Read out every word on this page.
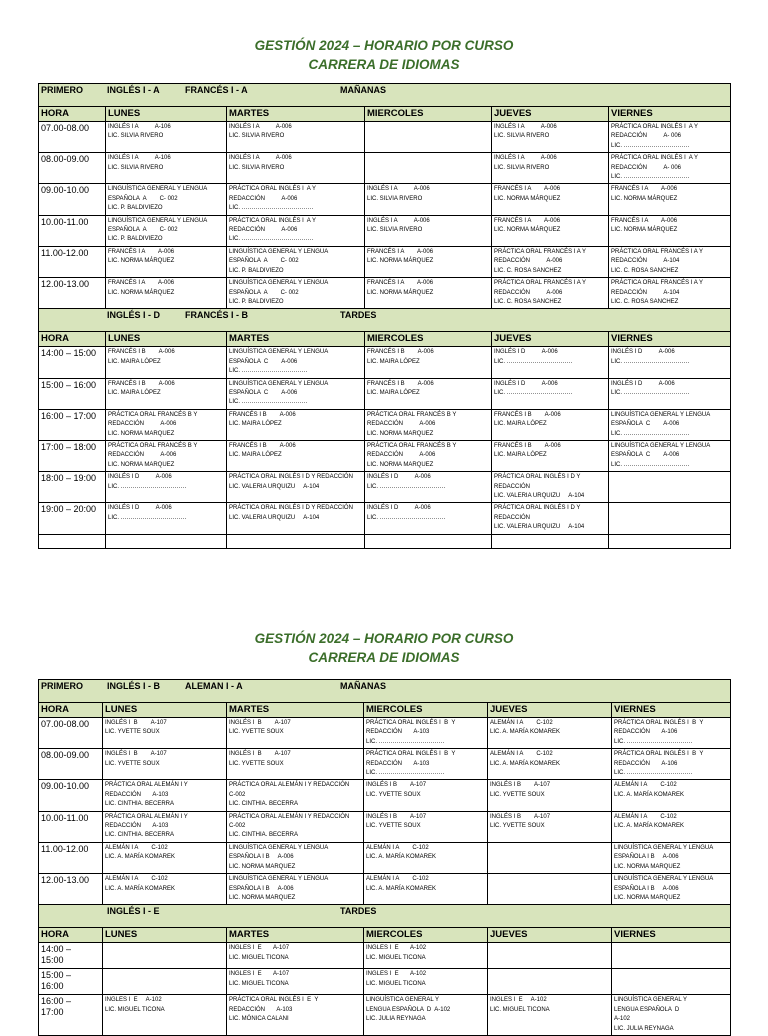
GESTIÓN 2024 – HORARIO POR CURSO

CARRERA DE IDIOMAS

PRIMERO INGLÉS I - A FRANCÉS I - A MAÑANAS					
HORA	LUNES	MARTES	MIERCOLES	JUEVES	VIERNES

07.00-08.00	INGLÉS I A          A-106
LIC. SILVIA RIVERO	INGLÉS I A          A-006
LIC. SILVIA RIVERO		INGLÉS I A          A-006
LIC. SILVIA RIVERO	PRÁCTICA ORAL INGLÉS I  A Y
REDACCIÓN          A- 006
LIC. ……………………………

08.00-09.00	INGLÉS I A          A-106
LIC. SILVIA RIVERO	INGLÉS I A          A-006
LIC. SILVIA RIVERO		INGLÉS I A          A-006
LIC. SILVIA RIVERO	PRÁCTICA ORAL INGLÉS I  A Y
REDACCIÓN          A- 006
LIC. ……………………………

09.00-10.00	LINGUÍSTICA GENERAL Y LENGUA
ESPAÑOLA  A        C- 002
LIC. P. BALDIVIEZO	PRÁCTICA ORAL INGLÉS I  A Y
REDACCIÓN          A-006
LIC. ………………………………	INGLÉS I A          A-006
LIC. SILVIA RIVERO	FRANCÉS I A        A-006
LIC. NORMA MÁRQUEZ	FRANCÉS I A        A-006
LIC. NORMA MÁRQUEZ

10.00-11.00	LINGUÍSTICA GENERAL Y LENGUA
ESPAÑOLA  A        C- 002
LIC. P. BALDIVIEZO	PRÁCTICA ORAL INGLÉS I  A Y
REDACCIÓN          A-006
LIC. ………………………………	INGLÉS I A          A-006
LIC. SILVIA RIVERO	FRANCÉS I A        A-006
LIC. NORMA MÁRQUEZ	FRANCÉS I A        A-006
LIC. NORMA MÁRQUEZ

11.00-12.00	FRANCÉS I A        A-006
LIC. NORMA MÁRQUEZ	LINGUÍSTICA GENERAL Y LENGUA
ESPAÑOLA  A        C- 002
LIC. P. BALDIVIEZO	FRANCÉS I A        A-006
LIC. NORMA MÁRQUEZ	PRÁCTICA ORAL FRANCÉS I A Y
REDACCIÓN          A-006
LIC. C. ROSA SANCHEZ	PRÁCTICA ORAL FRANCÉS I A Y
REDACCIÓN          A-104
LIC. C. ROSA SANCHEZ

12.00-13.00	FRANCÉS I A        A-006
LIC. NORMA MÁRQUEZ	LINGUÍSTICA GENERAL Y LENGUA
ESPAÑOLA  A        C- 002
LIC. P. BALDIVIEZO	FRANCÉS I A        A-006
LIC. NORMA MÁRQUEZ	PRÁCTICA ORAL FRANCÉS I A Y
REDACCIÓN          A-006
LIC. C. ROSA SANCHEZ	PRÁCTICA ORAL FRANCÉS I A Y
REDACCIÓN          A-104
LIC. C. ROSA SANCHEZ

INGLÉS I - D FRANCÉS I - B TARDES					
HORA	LUNES	MARTES	MIERCOLES	JUEVES	VIERNES

14:00 – 15:00	FRANCÉS I B        A-006
LIC. MAIRA LÓPEZ	LINGUÍSTICA GENERAL Y LENGUA
ESPAÑOLA  C        A-006
LIC. ……………………………	FRANCÉS I B        A-006
LIC. MAIRA LÓPEZ	INGLÉS I D          A-006
LIC. ……………………………	INGLÉS I D          A-006
LIC. ……………………………

15:00 – 16:00	FRANCÉS I B        A-006
LIC. MAIRA LÓPEZ	LINGUÍSTICA GENERAL Y LENGUA
ESPAÑOLA  C        A-006
LIC. ……………………………	FRANCÉS I B        A-006
LIC. MAIRA LÓPEZ	INGLÉS I D          A-006
LIC. ……………………………	INGLÉS I D          A-006
LIC. ……………………………

16:00 – 17:00	PRÁCTICA ORAL FRANCÉS B Y
REDACCIÓN          A-006
LIC. NORMA MARQUEZ	FRANCÉS I B        A-006
LIC. MAIRA LÓPEZ	PRÁCTICA ORAL FRANCÉS B Y
REDACCIÓN          A-006
LIC. NORMA MARQUEZ	FRANCÉS I B        A-006
LIC. MAIRA LÓPEZ	LINGUÍSTICA GENERAL Y LENGUA
ESPAÑOLA  C        A-006
LIC. ……………………………

17:00 – 18:00	PRÁCTICA ORAL FRANCÉS B Y
REDACCIÓN          A-006
LIC. NORMA MARQUEZ	FRANCÉS I B        A-006
LIC. MAIRA LÓPEZ	PRÁCTICA ORAL FRANCÉS B Y
REDACCIÓN          A-006
LIC. NORMA MARQUEZ	FRANCÉS I B        A-006
LIC. MAIRA LÓPEZ	LINGUÍSTICA GENERAL Y LENGUA
ESPAÑOLA  C        A-006
LIC. ……………………………

18:00 – 19:00	INGLÉS I D          A-006
LIC. ……………………………	PRÁCTICA ORAL INGLÉS I D Y REDACCIÓN
LIC. VALERIA URQUIZU     A-104	INGLÉS I D          A-006
LIC. ……………………………	PRÁCTICA ORAL INGLÉS I D Y
REDACCIÓN
LIC. VALERIA URQUIZU     A-104	

19:00 – 20:00	INGLÉS I D          A-006
LIC. ……………………………	PRÁCTICA ORAL INGLÉS I D Y REDACCIÓN
LIC. VALERIA URQUIZU     A-104	INGLÉS I D          A-006
LIC. ……………………………	PRÁCTICA ORAL INGLÉS I D Y
REDACCIÓN
LIC. VALERIA URQUIZU     A-104	

GESTIÓN 2024 – HORARIO POR CURSO

CARRERA DE IDIOMAS

PRIMERO INGLÉS I - B ALEMAN I - A MAÑANAS					
HORA	LUNES	MARTES	MIERCOLES	JUEVES	VIERNES

07.00-08.00	INGLÉS I  B        A-107
LIC. YVETTE SOUX	INGLÉS I  B        A-107
LIC. YVETTE SOUX	PRÁCTICA ORAL INGLÉS I  B  Y
REDACCIÓN       A-103
LIC. ……………………………	ALEMÁN I A        C-102
LIC. A. MARÍA KOMAREK	PRÁCTICA ORAL INGLÉS I  B  Y
REDACCIÓN       A-106
LIC. ……………………………

08.00-09.00	INGLÉS I  B        A-107
LIC. YVETTE SOUX	INGLÉS I  B        A-107
LIC. YVETTE SOUX	PRÁCTICA ORAL INGLÉS I  B  Y
REDACCIÓN       A-103
LIC. ……………………………	ALEMÁN I A        C-102
LIC. A. MARÍA KOMAREK	PRÁCTICA ORAL INGLÉS I  B  Y
REDACCIÓN       A-106
LIC. ……………………………

09.00-10.00	PRÁCTICA ORAL ALEMÁN I Y
REDACCIÓN       A-103
LIC. CINTHIA. BECERRA	PRÁCTICA ORAL ALEMÁN I Y REDACCIÓN
C-002
LIC. CINTHIA. BECERRA	INGLÉS I B        A-107
LIC. YVETTE SOUX	INGLÉS I B        A-107
LIC. YVETTE SOUX	ALEMÁN I A        C-102
LIC. A. MARÍA KOMAREK

10.00-11.00	PRÁCTICA ORAL ALEMÁN I Y
REDACCIÓN       A-103
LIC. CINTHIA. BECERRA	PRÁCTICA ORAL ALEMÁN I Y REDACCIÓN
C-002
LIC. CINTHIA. BECERRA	INGLÉS I B        A-107
LIC. YVETTE SOUX	INGLÉS I B        A-107
LIC. YVETTE SOUX	ALEMÁN I A        C-102
LIC. A. MARÍA KOMAREK

11.00-12.00	ALEMÁN I A        C-102
LIC. A. MARÍA KOMAREK	LINGUÍSTICA GENERAL Y LENGUA
ESPAÑOLA I B     A-006
LIC. NORMA MARQUEZ	ALEMÁN I A        C-102
LIC. A. MARÍA KOMAREK		LINGUÍSTICA GENERAL Y LENGUA
ESPAÑOLA I B     A-006
LIC. NORMA MARQUEZ

12.00-13.00	ALEMÁN I A        C-102
LIC. A. MARÍA KOMAREK	LINGUÍSTICA GENERAL Y LENGUA
ESPAÑOLA I B     A-006
LIC. NORMA MARQUEZ	ALEMÁN I A        C-102
LIC. A. MARÍA KOMAREK		LINGUÍSTICA GENERAL Y LENGUA
ESPAÑOLA I B     A-006
LIC. NORMA MARQUEZ

INGLÉS I - E TARDES					
HORA	LUNES	MARTES	MIERCOLES	JUEVES	VIERNES

14:00 –
15:00		INGLES I  E       A-107
LIC. MIGUEL TICONA	INGLES I  E       A-102
LIC. MIGUEL TICONA		

15:00 –
16:00		INGLES I  E       A-107
LIC. MIGUEL TICONA	INGLES I  E       A-102
LIC. MIGUEL TICONA		

16:00 –
17:00	INGLES I  E     A-102
LIC. MIGUEL TICONA	PRÁCTICA ORAL INGLÉS I  E  Y
REDACCIÓN       A-103
LIC. MÓNICA CALANI	LINGUÍSTICA GENERAL Y
LENGUA ESPAÑOLA  D  A-102
LIC. JULIA REYNAGA	INGLES I  E     A-102
LIC. MIGUEL TICONA	LINGUÍSTICA GENERAL Y
LENGUA ESPAÑOLA  D
A-102
LIC. JULIA REYNAGA
